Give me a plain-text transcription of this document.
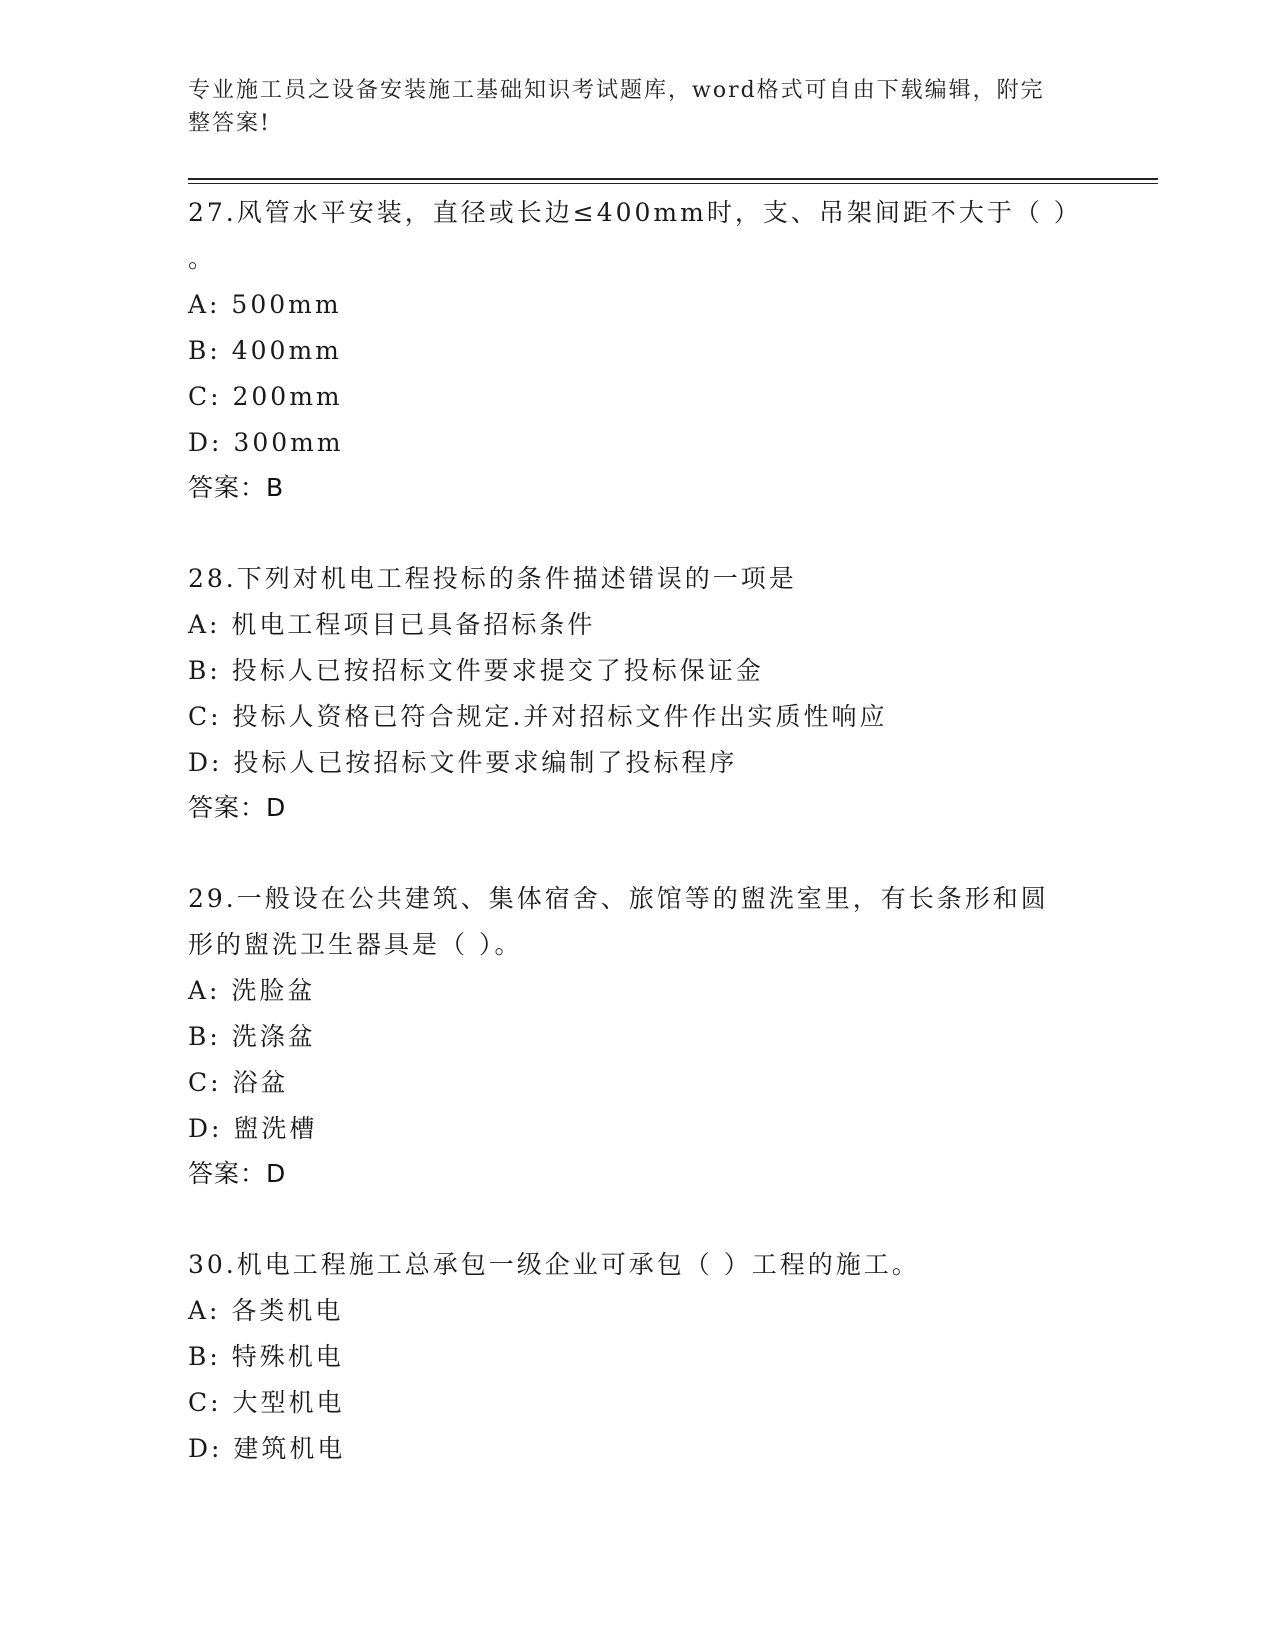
专业施工员之设备安装施工基础知识考试题库，word格式可自由下载编辑，附完整答案!
27.风管水平安装，直径或长边≤400mm时，支、吊架间距不大于（ ）
。
A: 500mm
B: 400mm
C: 200mm
D: 300mm
答案：B
28.下列对机电工程投标的条件描述错误的一项是
A: 机电工程项目已具备招标条件
B: 投标人已按招标文件要求提交了投标保证金
C: 投标人资格已符合规定.并对招标文件作出实质性响应
D: 投标人已按招标文件要求编制了投标程序
答案：D
29.一般设在公共建筑、集体宿舍、旅馆等的盥洗室里，有长条形和圆
形的盥洗卫生器具是（ ）。
A: 洗脸盆
B: 洗涤盆
C: 浴盆
D: 盥洗槽
答案：D
30.机电工程施工总承包一级企业可承包（ ）工程的施工。
A: 各类机电
B: 特殊机电
C: 大型机电
D: 建筑机电
